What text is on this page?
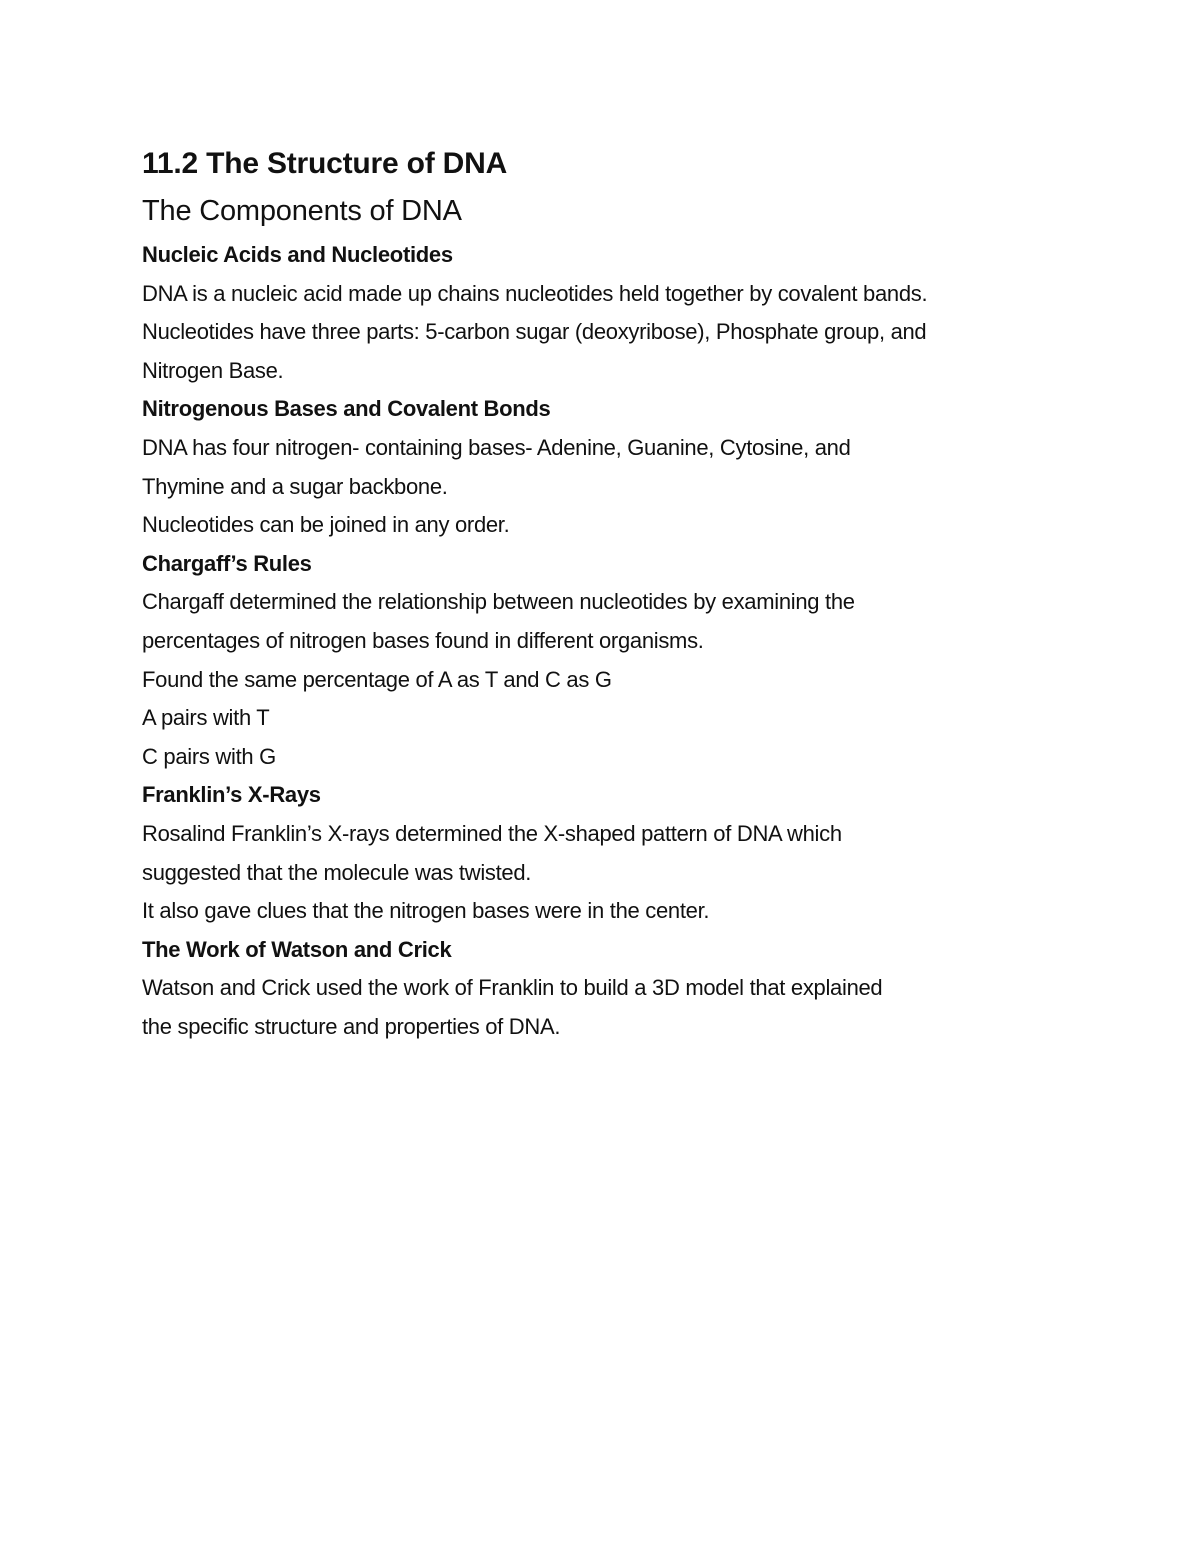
11.2 The Structure of DNA
The Components of DNA
Nucleic Acids and Nucleotides
DNA is a nucleic acid made up chains nucleotides held together by covalent bands.
Nucleotides have three parts: 5-carbon sugar (deoxyribose), Phosphate group, and
Nitrogen Base.
Nitrogenous Bases and Covalent Bonds
DNA has four nitrogen- containing bases- Adenine, Guanine, Cytosine, and
Thymine and a sugar backbone.
Nucleotides can be joined in any order.
Chargaff’s Rules
Chargaff determined the relationship between nucleotides by examining the
percentages of nitrogen bases found in different organisms.
Found the same percentage of A as T and C as G
A pairs with T
C pairs with G
Franklin’s X-Rays
Rosalind Franklin’s X-rays determined the X-shaped pattern of DNA which
suggested that the molecule was twisted.
It also gave clues that the nitrogen bases were in the center.
The Work of Watson and Crick
Watson and Crick used the work of Franklin to build a 3D model that explained
the specific structure and properties of DNA.
